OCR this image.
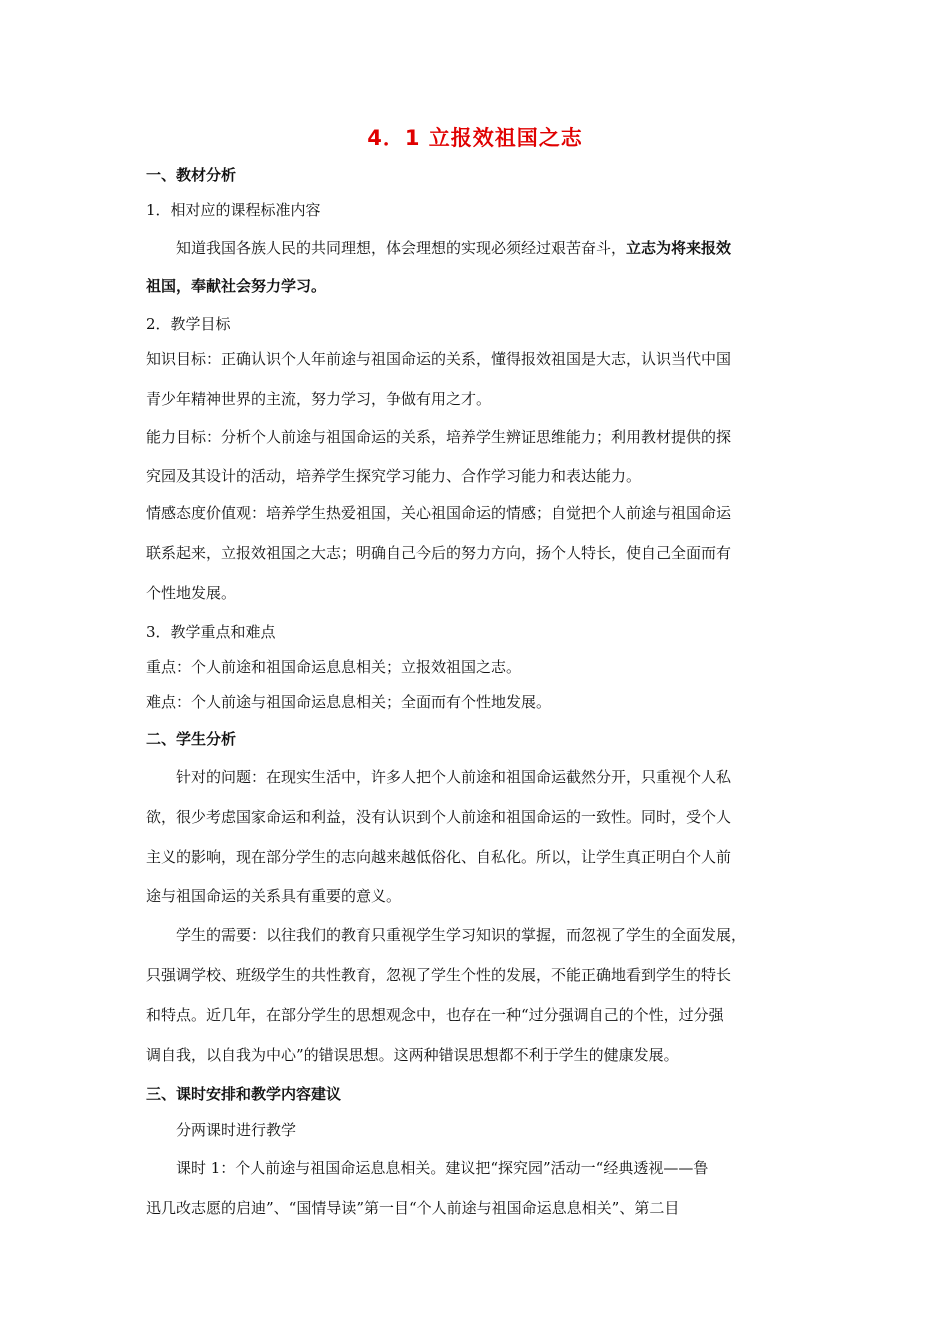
4．1 立报效祖国之志
一、教材分析
1．相对应的课程标准内容
知道我国各族人民的共同理想，体会理想的实现必须经过艰苦奋斗，立志为将来报效
祖国，奉献社会努力学习。
2．教学目标
知识目标：正确认识个人年前途与祖国命运的关系，懂得报效祖国是大志，认识当代中国
青少年精神世界的主流，努力学习，争做有用之才。
能力目标：分析个人前途与祖国命运的关系，培养学生辨证思维能力；利用教材提供的探
究园及其设计的活动，培养学生探究学习能力、合作学习能力和表达能力。
情感态度价值观：培养学生热爱祖国，关心祖国命运的情感；自觉把个人前途与祖国命运
联系起来，立报效祖国之大志；明确自己今后的努力方向，扬个人特长，使自己全面而有
个性地发展。
3．教学重点和难点
重点：个人前途和祖国命运息息相关；立报效祖国之志。
难点：个人前途与祖国命运息息相关；全面而有个性地发展。
二、学生分析
针对的问题：在现实生活中，许多人把个人前途和祖国命运截然分开，只重视个人私
欲，很少考虑国家命运和利益，没有认识到个人前途和祖国命运的一致性。同时，受个人
主义的影响，现在部分学生的志向越来越低俗化、自私化。所以，让学生真正明白个人前
途与祖国命运的关系具有重要的意义。
学生的需要：以往我们的教育只重视学生学习知识的掌握，而忽视了学生的全面发展，
只强调学校、班级学生的共性教育，忽视了学生个性的发展，不能正确地看到学生的特长
和特点。近几年，在部分学生的思想观念中，也存在一种“过分强调自己的个性，过分强
调自我，以自我为中心”的错误思想。这两种错误思想都不利于学生的健康发展。
三、课时安排和教学内容建议
分两课时进行教学
课时 1：个人前途与祖国命运息息相关。建议把“探究园”活动一“经典透视——鲁
迅几改志愿的启迪”、“国情导读”第一目“个人前途与祖国命运息息相关”、第二目
